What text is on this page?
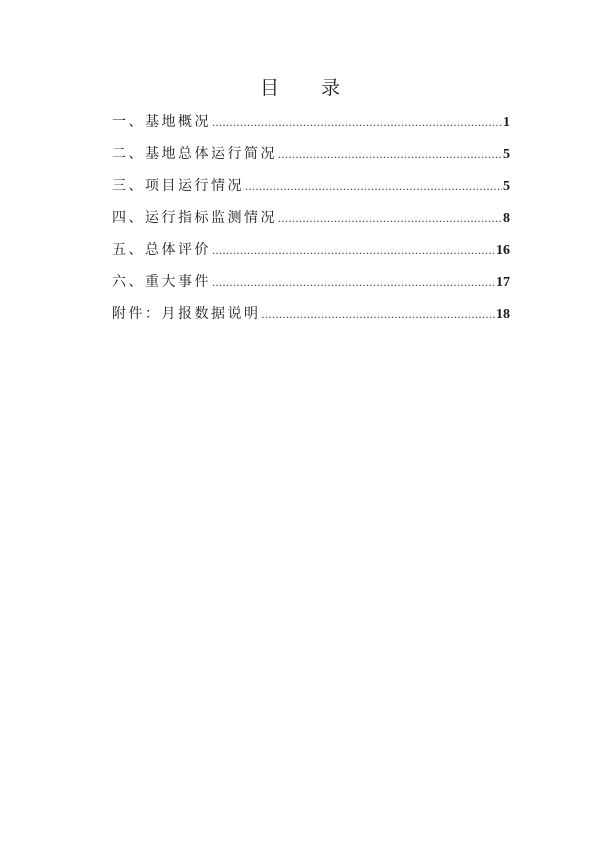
目 录
一、基地概况 .....	1
二、基地总体运行简况 .....	5
三、项目运行情况 .....	5
四、运行指标监测情况 .....	8
五、总体评价 .....	16
六、重大事件 .....	17
附件：月报数据说明 .....	18
